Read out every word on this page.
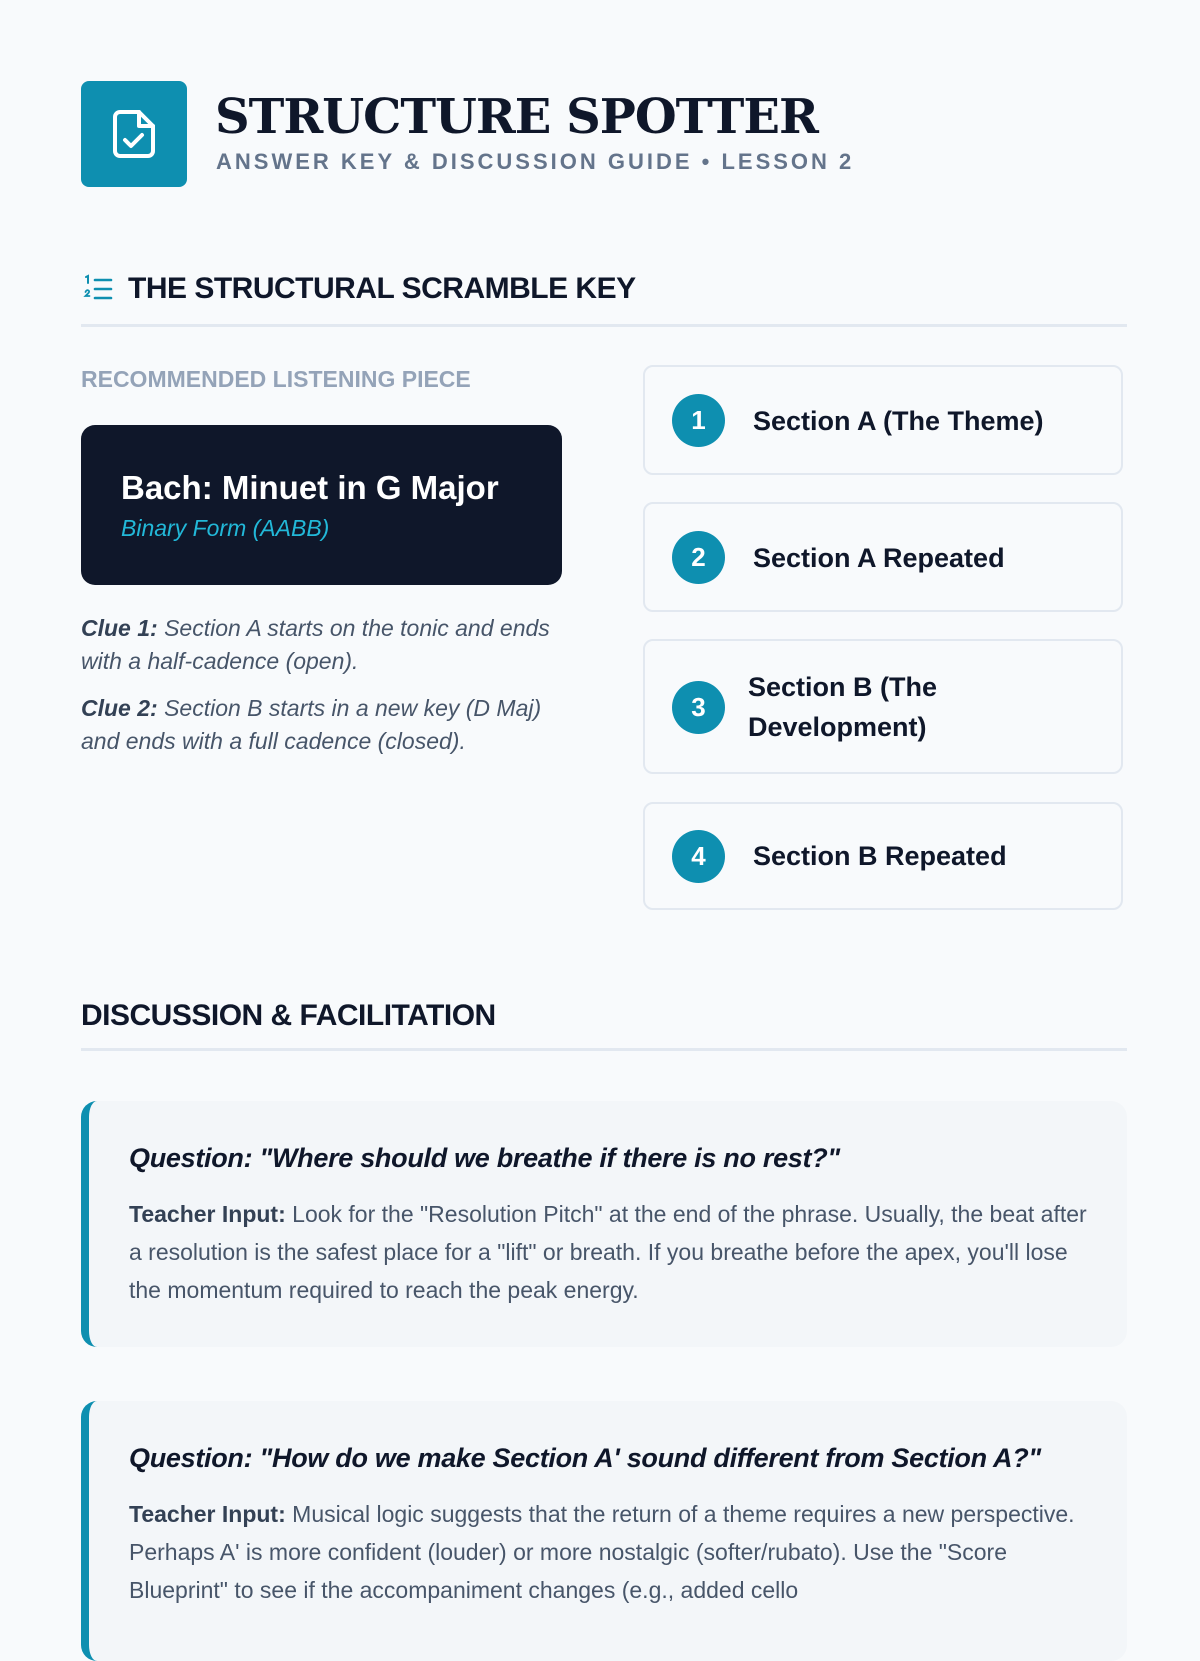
STRUCTURE SPOTTER
ANSWER KEY & DISCUSSION GUIDE • LESSON 2
THE STRUCTURAL SCRAMBLE KEY
RECOMMENDED LISTENING PIECE
Bach: Minuet in G Major
Binary Form (AABB)
Clue 1: Section A starts on the tonic and ends with a half-cadence (open).
Clue 2: Section B starts in a new key (D Maj) and ends with a full cadence (closed).
1	Section A (The Theme)
2	Section A Repeated
3
Section B (The Development)
4	Section B Repeated
DISCUSSION & FACILITATION
Question: "Where should we breathe if there is no rest?"
Teacher Input: Look for the "Resolution Pitch" at the end of the phrase. Usually, the beat after a resolution is the safest place for a "lift" or breath. If you breathe before the apex, you'll lose the momentum required to reach the peak energy.
Question: "How do we make Section A' sound different from Section A?"
Teacher Input: Musical logic suggests that the return of a theme requires a new perspective. Perhaps A' is more confident (louder) or more nostalgic (softer/rubato). Use the "Score Blueprint" to see if the accompaniment changes (e.g., added cello
